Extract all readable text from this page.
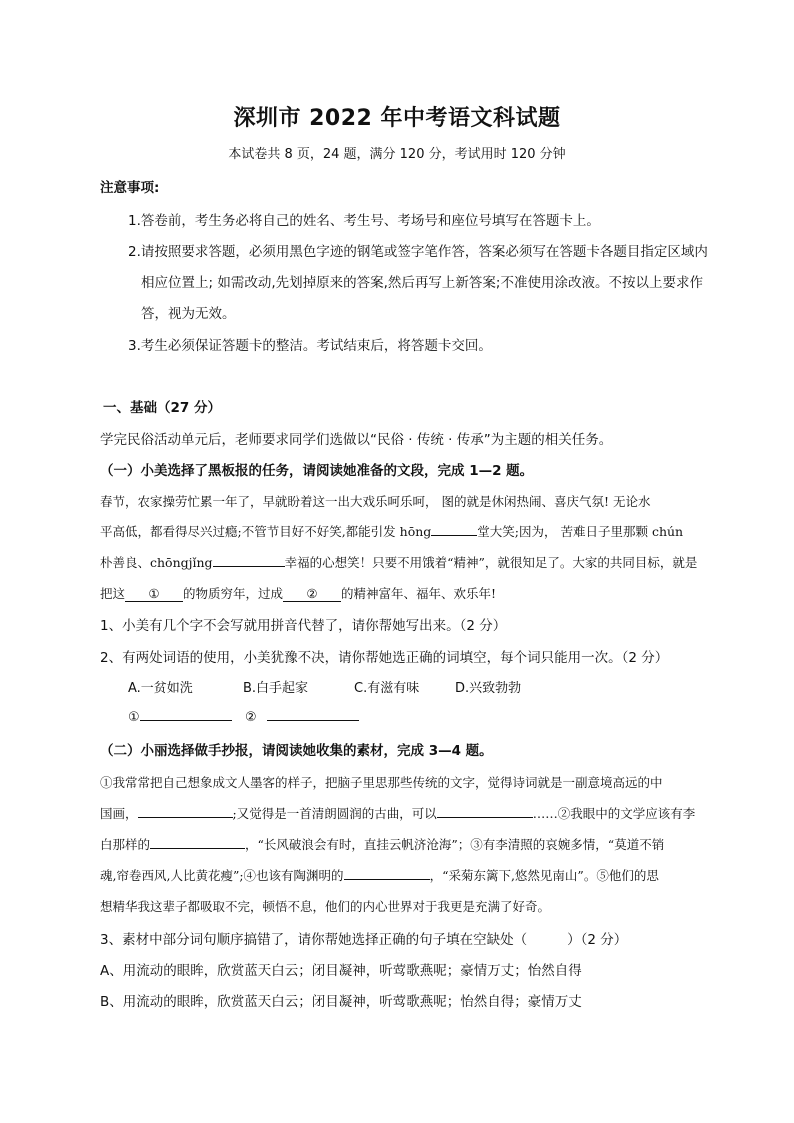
深圳市 2022 年中考语文科试题
本试卷共 8 页，24 题，满分 120 分，考试用时 120 分钟
注意事项:
1.答卷前，考生务必将自己的姓名、考生号、考场号和座位号填写在答题卡上。
2.请按照要求答题，必须用黑色字迹的钢笔或签字笔作答，答案必须写在答题卡各题目指定区域内
相应位置上; 如需改动,先划掉原来的答案,然后再写上新答案;不准使用涂改液。不按以上要求作
答，视为无效。
3.考生必须保证答题卡的整洁。考试结束后，将答题卡交回。
一、基础（27 分）
学完民俗活动单元后，老师要求同学们选做以“民俗 · 传统 · 传承”为主题的相关任务。
（一）小美选择了黑板报的任务，请阅读她准备的文段，完成 1—2 题。
春节，农家操劳忙累一年了，早就盼着这一出大戏乐呵乐呵， 图的就是休闲热闹、喜庆气氛! 无论水
平高低，都看得尽兴过瘾;不管节目好不好笑,都能引发 hōng	堂大笑;因为， 苦难日子里那颗 chún
朴善良、chōngjǐng	幸福的心想笑！只要不用饿着“精神”，就很知足了。大家的共同目标，就是
把这 ① 的物质穷年，过成 ② 的精神富年、福年、欢乐年!
1、小美有几个字不会写就用拼音代替了，请你帮她写出来。（2 分）
2、有两处词语的使用，小美犹豫不决，请你帮她选正确的词填空，每个词只能用一次。（2 分）
A.一贫如洗	B.白手起家	C.有滋有味	D.兴致勃勃
①	②
（二）小丽选择做手抄报，请阅读她收集的素材，完成 3—4 题。
①我常常把自己想象成文人墨客的样子，把脑子里思那些传统的文字，觉得诗词就是一副意境高远的中
国画，	;又觉得是一首清朗圆润的古曲，可以	……②我眼中的文学应该有李
白那样的	，“长风破浪会有时，直挂云帆济沧海”；③有李清照的哀婉多情，“莫道不销
魂,帘卷西风,人比黄花瘦”;④也该有陶渊明的	，“采菊东篱下,悠然见南山”。⑤他们的思
想精华我这辈子都吸取不完，顿悟不息，他们的内心世界对于我更是充满了好奇。
3、素材中部分词句顺序搞错了，请你帮她选择正确的句子填在空缺处（	）（2 分）
A、用流动的眼眸，欣赏蓝天白云；闭目凝神，听莺歌燕呢；豪情万丈；怡然自得
B、用流动的眼眸，欣赏蓝天白云；闭目凝神，听莺歌燕呢；怡然自得；豪情万丈
